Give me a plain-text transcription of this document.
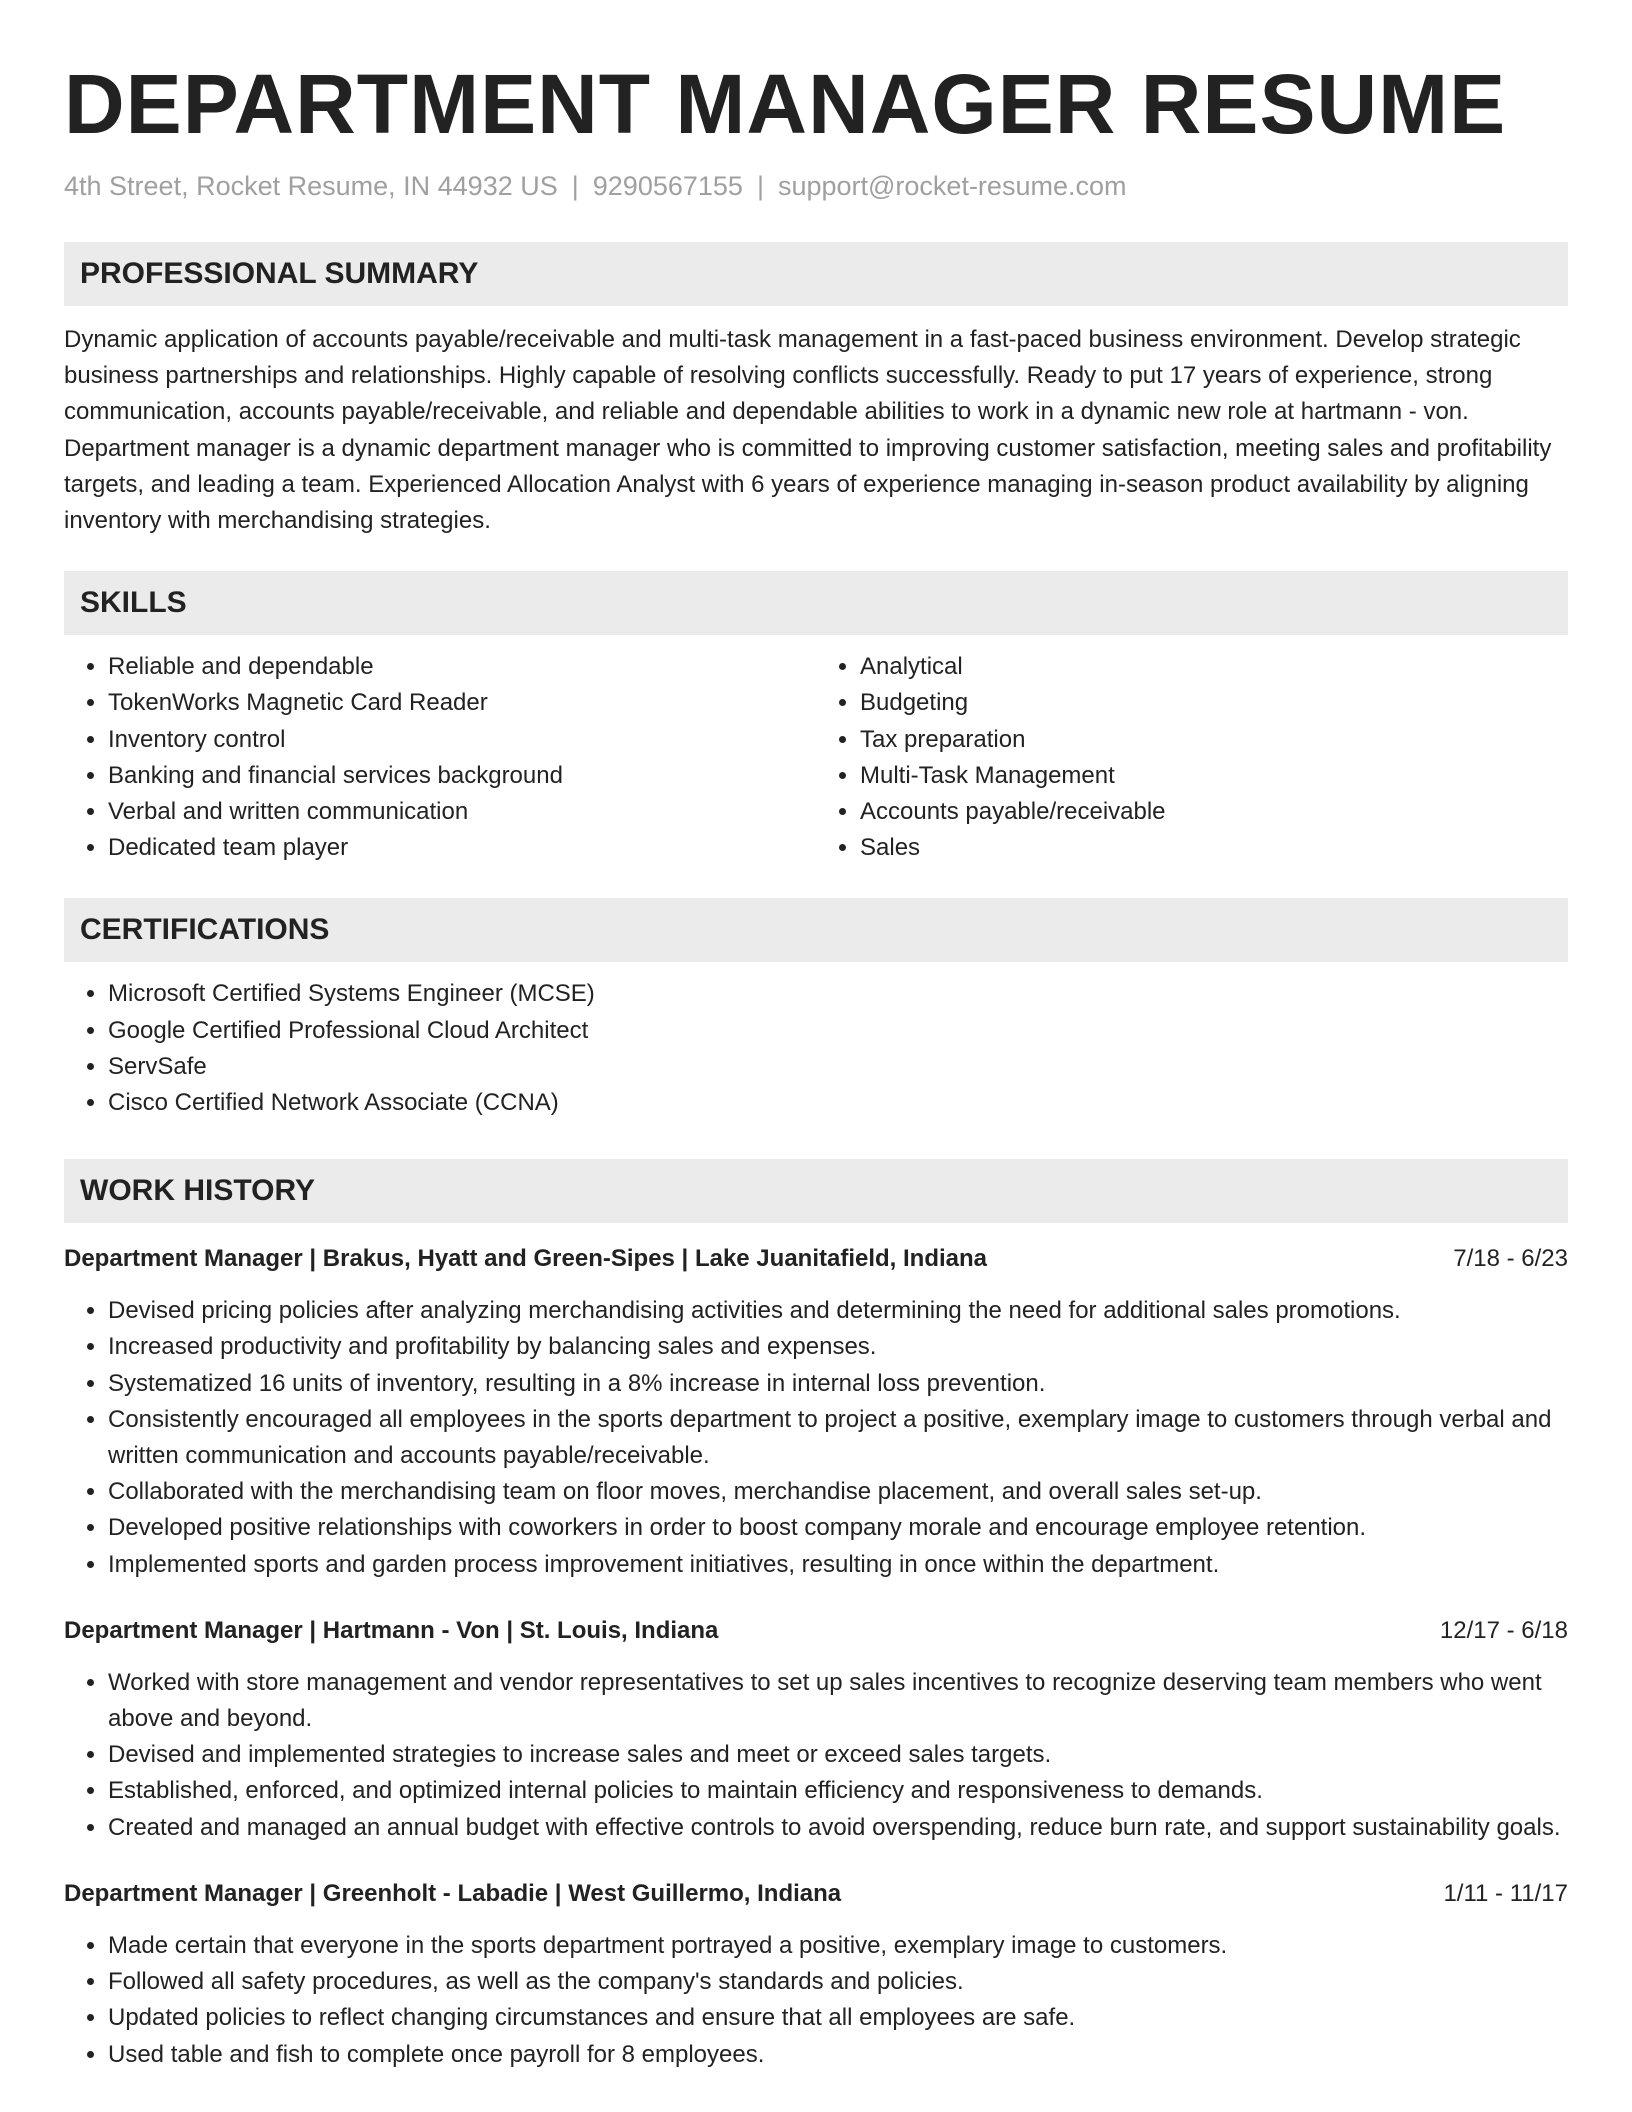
DEPARTMENT MANAGER RESUME
4th Street, Rocket Resume, IN 44932 US | 9290567155 | support@rocket-resume.com
PROFESSIONAL SUMMARY

Dynamic application of accounts payable/receivable and multi-task management in a fast-paced business environment. Develop strategic business partnerships and relationships. Highly capable of resolving conflicts successfully. Ready to put 17 years of experience, strong communication, accounts payable/receivable, and reliable and dependable abilities to work in a dynamic new role at hartmann - von. Department manager is a dynamic department manager who is committed to improving customer satisfaction, meeting sales and profitability targets, and leading a team. Experienced Allocation Analyst with 6 years of experience managing in-season product availability by aligning inventory with merchandising strategies.

SKILLS
• Reliable and dependable
• TokenWorks Magnetic Card Reader
• Inventory control
• Banking and financial services background
• Verbal and written communication
• Dedicated team player
• Analytical
• Budgeting
• Tax preparation
• Multi-Task Management
• Accounts payable/receivable
• Sales
CERTIFICATIONS
• Microsoft Certified Systems Engineer (MCSE)
• Google Certified Professional Cloud Architect
• ServSafe
• Cisco Certified Network Associate (CCNA)
WORK HISTORY
Department Manager | Brakus, Hyatt and Green-Sipes | Lake Juanitafield, Indiana	7/18 - 6/23
• Devised pricing policies after analyzing merchandising activities and determining the need for additional sales promotions.
• Increased productivity and profitability by balancing sales and expenses.
• Systematized 16 units of inventory, resulting in a 8% increase in internal loss prevention.
• Consistently encouraged all employees in the sports department to project a positive, exemplary image to customers through verbal and written communication and accounts payable/receivable.
• Collaborated with the merchandising team on floor moves, merchandise placement, and overall sales set-up.
• Developed positive relationships with coworkers in order to boost company morale and encourage employee retention.
• Implemented sports and garden process improvement initiatives, resulting in once within the department.
Department Manager | Hartmann - Von | St. Louis, Indiana	12/17 - 6/18
• Worked with store management and vendor representatives to set up sales incentives to recognize deserving team members who went above and beyond.
• Devised and implemented strategies to increase sales and meet or exceed sales targets.
• Established, enforced, and optimized internal policies to maintain efficiency and responsiveness to demands.
• Created and managed an annual budget with effective controls to avoid overspending, reduce burn rate, and support sustainability goals.
Department Manager | Greenholt - Labadie | West Guillermo, Indiana	1/11 - 11/17
• Made certain that everyone in the sports department portrayed a positive, exemplary image to customers.
• Followed all safety procedures, as well as the company's standards and policies.
• Updated policies to reflect changing circumstances and ensure that all employees are safe.
• Used table and fish to complete once payroll for 8 employees.
